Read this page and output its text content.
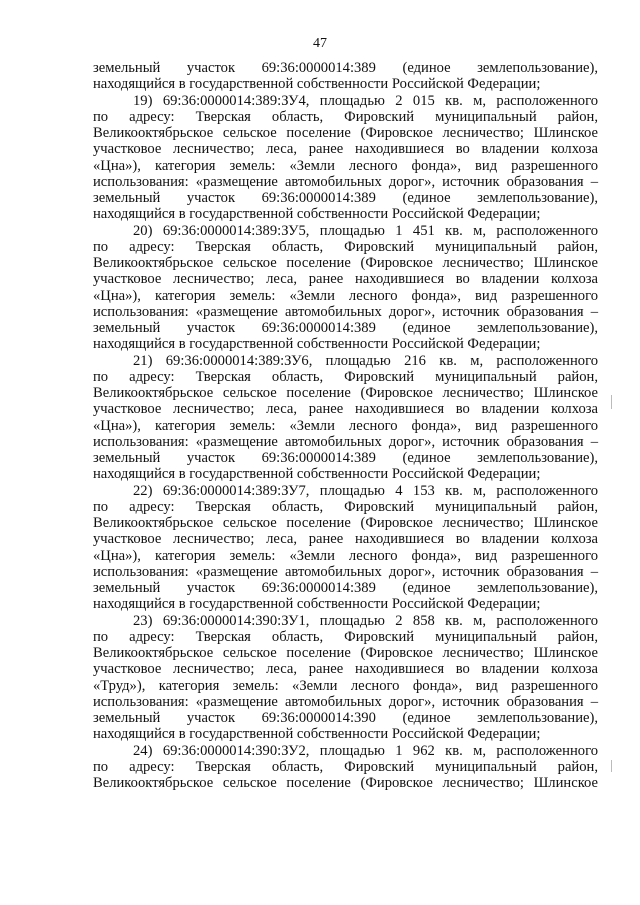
47
земельный участок 69:36:0000014:389 (единое землепользование),
находящийся в государственной собственности Российской Федерации;
19) 69:36:0000014:389:ЗУ4, площадью 2 015 кв. м, расположенного
по адресу: Тверская область, Фировский муниципальный район,
Великооктябрьское сельское поселение (Фировское лесничество; Шлинское
участковое лесничество; леса, ранее находившиеся во владении колхоза
«Цна»), категория земель: «Земли лесного фонда», вид разрешенного
использования: «размещение автомобильных дорог», источник образования –
земельный участок 69:36:0000014:389 (единое землепользование),
находящийся в государственной собственности Российской Федерации;
20) 69:36:0000014:389:ЗУ5, площадью 1 451 кв. м, расположенного
по адресу: Тверская область, Фировский муниципальный район,
Великооктябрьское сельское поселение (Фировское лесничество; Шлинское
участковое лесничество; леса, ранее находившиеся во владении колхоза
«Цна»), категория земель: «Земли лесного фонда», вид разрешенного
использования: «размещение автомобильных дорог», источник образования –
земельный участок 69:36:0000014:389 (единое землепользование),
находящийся в государственной собственности Российской Федерации;
21) 69:36:0000014:389:ЗУ6, площадью 216 кв. м, расположенного
по адресу: Тверская область, Фировский муниципальный район,
Великооктябрьское сельское поселение (Фировское лесничество; Шлинское
участковое лесничество; леса, ранее находившиеся во владении колхоза
«Цна»), категория земель: «Земли лесного фонда», вид разрешенного
использования: «размещение автомобильных дорог», источник образования –
земельный участок 69:36:0000014:389 (единое землепользование),
находящийся в государственной собственности Российской Федерации;
22) 69:36:0000014:389:ЗУ7, площадью 4 153 кв. м, расположенного
по адресу: Тверская область, Фировский муниципальный район,
Великооктябрьское сельское поселение (Фировское лесничество; Шлинское
участковое лесничество; леса, ранее находившиеся во владении колхоза
«Цна»), категория земель: «Земли лесного фонда», вид разрешенного
использования: «размещение автомобильных дорог», источник образования –
земельный участок 69:36:0000014:389 (единое землепользование),
находящийся в государственной собственности Российской Федерации;
23) 69:36:0000014:390:ЗУ1, площадью 2 858 кв. м, расположенного
по адресу: Тверская область, Фировский муниципальный район,
Великооктябрьское сельское поселение (Фировское лесничество; Шлинское
участковое лесничество; леса, ранее находившиеся во владении колхоза
«Труд»), категория земель: «Земли лесного фонда», вид разрешенного
использования: «размещение автомобильных дорог», источник образования –
земельный участок 69:36:0000014:390 (единое землепользование),
находящийся в государственной собственности Российской Федерации;
24) 69:36:0000014:390:ЗУ2, площадью 1 962 кв. м, расположенного
по адресу: Тверская область, Фировский муниципальный район,
Великооктябрьское сельское поселение (Фировское лесничество; Шлинское
